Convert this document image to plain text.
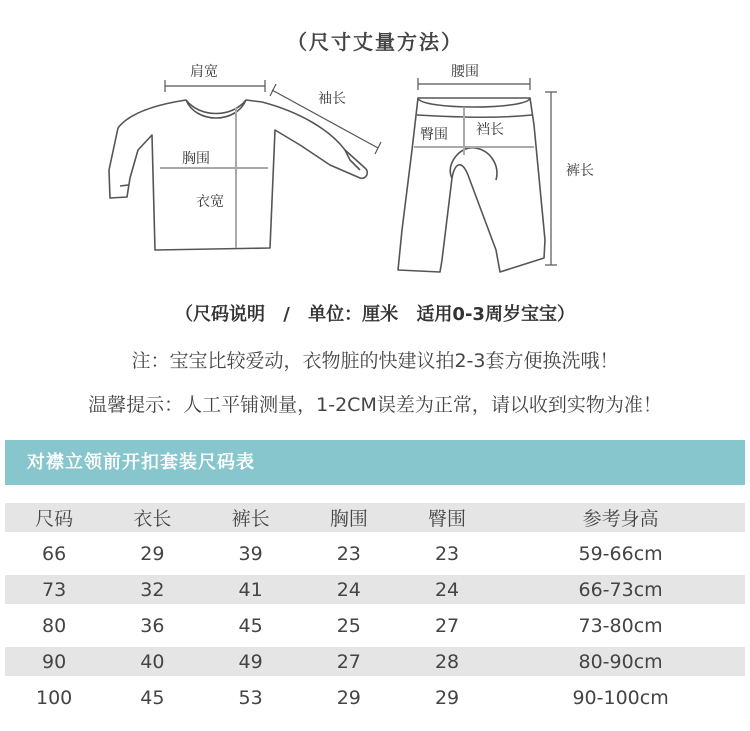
（尺寸丈量方法）
肩宽
袖长
胸围
衣宽
腰围
臀围 裆长
裤长
（尺码说明 / 单位：厘米 适用0-3周岁宝宝）
注：宝宝比较爱动，衣物脏的快建议拍2-3套方便换洗哦！
温馨提示：人工平铺测量，1-2CM误差为正常，请以收到实物为准！
对襟立领前开扣套装尺码表
尺码	衣长	裤长	胸围	臀围	参考身高
66	29	39	23	23	59-66cm
73	32	41	24	24	66-73cm
80	36	45	25	27	73-80cm
90	40	49	27	28	80-90cm
100	45	53	29	29	90-100cm
